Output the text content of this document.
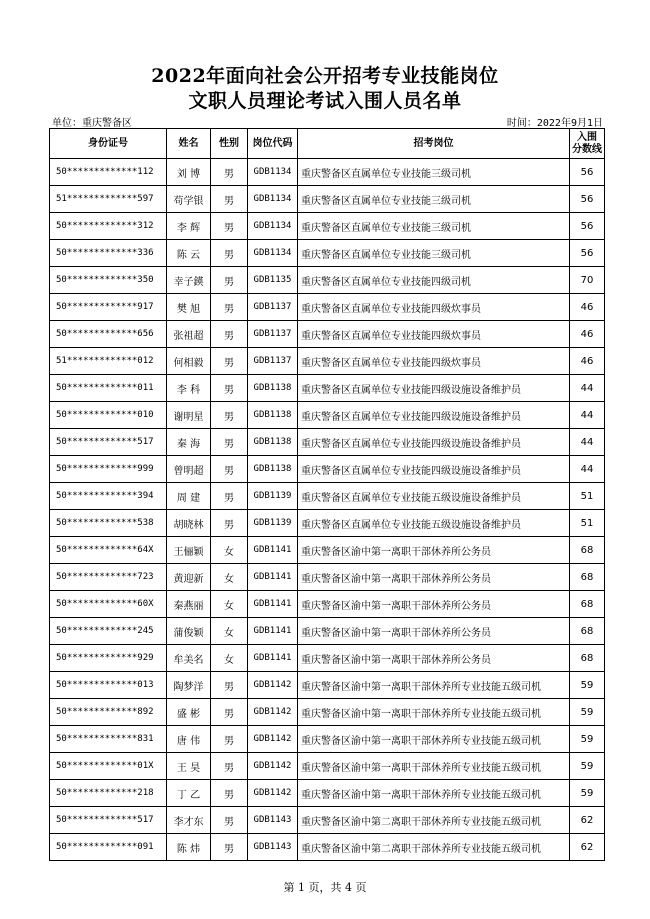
2022年面向社会公开招考专业技能岗位
文职人员理论考试入围人员名单
单位：重庆警备区	时间：2022年9月1日
身份证号	姓名	性别	岗位代码	招考岗位	入围
分数线

50*************112	刘 博	男	GDB1134	重庆警备区直属单位专业技能三级司机	56
51*************597	苟学银	男	GDB1134	重庆警备区直属单位专业技能三级司机	56
50*************312	李 辉	男	GDB1134	重庆警备区直属单位专业技能三级司机	56
50*************336	陈 云	男	GDB1134	重庆警备区直属单位专业技能三级司机	56
50*************350	幸子鍈	男	GDB1135	重庆警备区直属单位专业技能四级司机	70
50*************917	樊 旭	男	GDB1137	重庆警备区直属单位专业技能四级炊事员	46
50*************656	张祖超	男	GDB1137	重庆警备区直属单位专业技能四级炊事员	46
51*************012	何相毅	男	GDB1137	重庆警备区直属单位专业技能四级炊事员	46
50*************011	李 科	男	GDB1138	重庆警备区直属单位专业技能四级设施设备维护员	44
50*************010	谢明星	男	GDB1138	重庆警备区直属单位专业技能四级设施设备维护员	44
50*************517	秦 海	男	GDB1138	重庆警备区直属单位专业技能四级设施设备维护员	44
50*************999	曾明超	男	GDB1138	重庆警备区直属单位专业技能四级设施设备维护员	44
50*************394	周 建	男	GDB1139	重庆警备区直属单位专业技能五级设施设备维护员	51
50*************538	胡晓林	男	GDB1139	重庆警备区直属单位专业技能五级设施设备维护员	51
50*************64X	王俪颖	女	GDB1141	重庆警备区渝中第一离职干部休养所公务员	68
50*************723	黄迎新	女	GDB1141	重庆警备区渝中第一离职干部休养所公务员	68
50*************60X	秦燕丽	女	GDB1141	重庆警备区渝中第一离职干部休养所公务员	68
50*************245	蒲俊颖	女	GDB1141	重庆警备区渝中第一离职干部休养所公务员	68
50*************929	牟美名	女	GDB1141	重庆警备区渝中第一离职干部休养所公务员	68
50*************013	陶梦洋	男	GDB1142	重庆警备区渝中第一离职干部休养所专业技能五级司机	59
50*************892	盛 彬	男	GDB1142	重庆警备区渝中第一离职干部休养所专业技能五级司机	59
50*************831	唐 伟	男	GDB1142	重庆警备区渝中第一离职干部休养所专业技能五级司机	59
50*************01X	王 昊	男	GDB1142	重庆警备区渝中第一离职干部休养所专业技能五级司机	59
50*************218	丁 乙	男	GDB1142	重庆警备区渝中第一离职干部休养所专业技能五级司机	59
50*************517	李才东	男	GDB1143	重庆警备区渝中第二离职干部休养所专业技能五级司机	62
50*************091	陈 炜	男	GDB1143	重庆警备区渝中第二离职干部休养所专业技能五级司机	62
第 1 页，共 4 页
